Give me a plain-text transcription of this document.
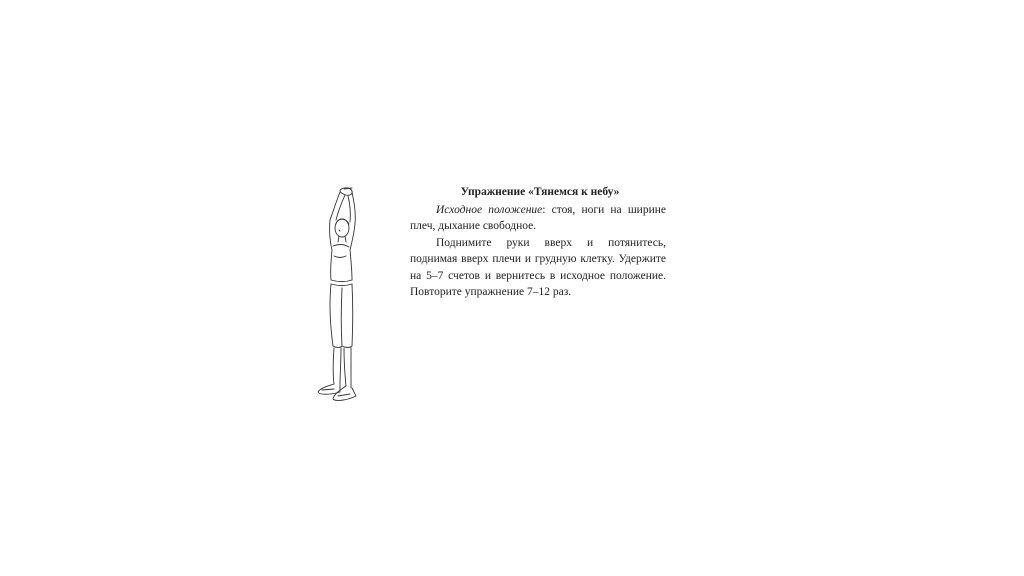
Упражнение «Тянемся к небу»

Исходное положение: стоя, ноги на ширине плеч, дыхание свободное.

Поднимите руки вверх и потянитесь, поднимая вверх плечи и грудную клетку. Удержите на 5–7 счетов и вернитесь в исходное положение. Повторите упражнение 7–12 раз.
